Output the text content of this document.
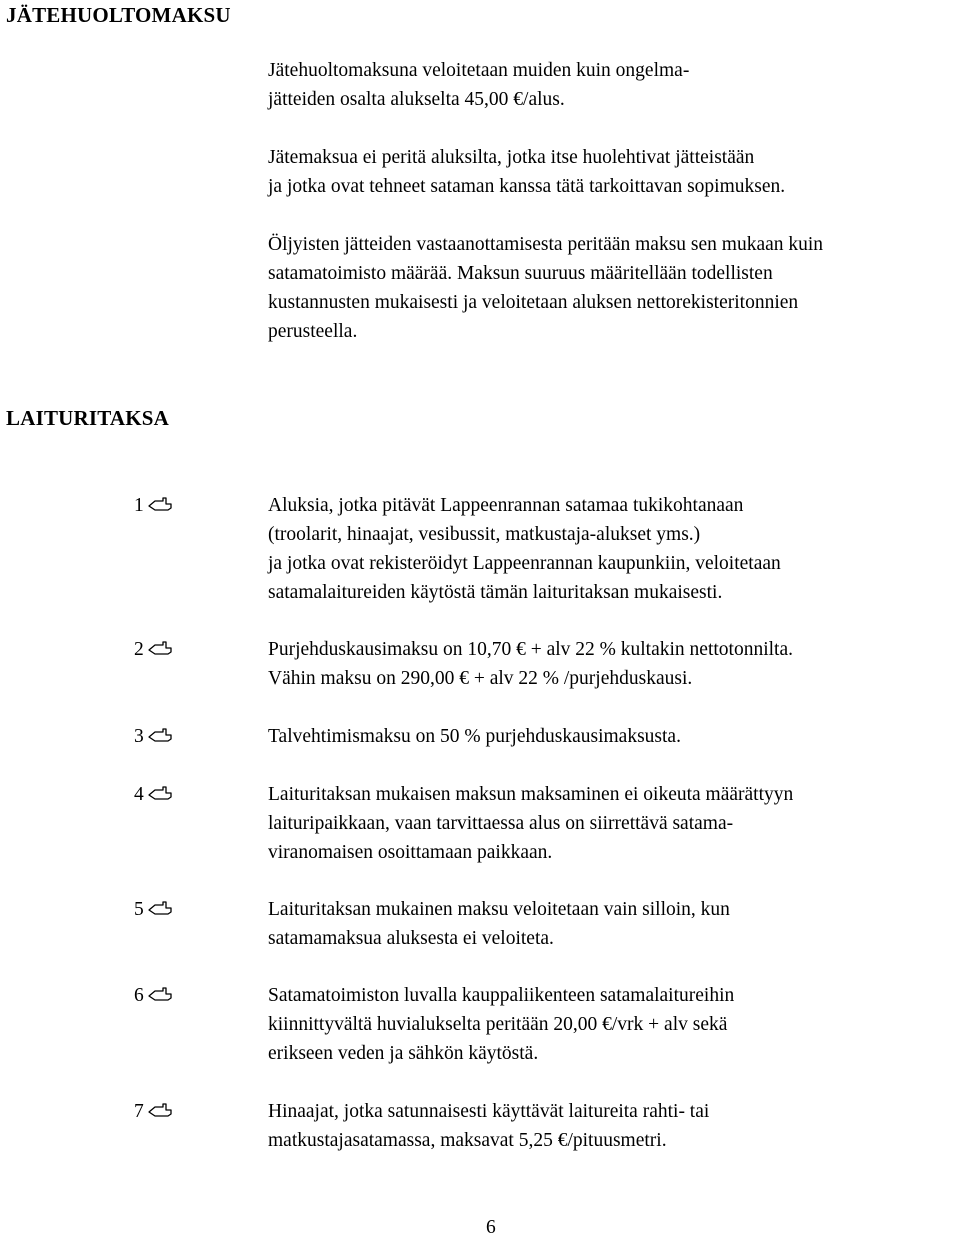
JÄTEHUOLTOMAKSU
Jätehuoltomaksuna veloitetaan muiden kuin ongelma-
jätteiden osalta alukselta 45,00 €/alus.
Jätemaksua ei peritä aluksilta, jotka itse huolehtivat jätteistään
ja jotka ovat tehneet sataman kanssa tätä tarkoittavan sopimuksen.
Öljyisten jätteiden vastaanottamisesta peritään maksu sen mukaan kuin
satamatoimisto määrää. Maksun suuruus määritellään todellisten
kustannusten mukaisesti ja veloitetaan aluksen nettorekisteritonnien
perusteella.
LAITURITAKSA
1	Aluksia, jotka pitävät Lappeenrannan satamaa tukikohtanaan
(troolarit, hinaajat, vesibussit, matkustaja-alukset yms.)
ja jotka ovat rekisteröidyt Lappeenrannan kaupunkiin, veloitetaan
satamalaitureiden käytöstä tämän laituritaksan mukaisesti.
2	Purjehduskausimaksu on 10,70 € + alv 22 % kultakin nettotonnilta.
Vähin maksu on 290,00 € + alv 22 % /purjehduskausi.
3	Talvehtimismaksu on 50 % purjehduskausimaksusta.
4	Laituritaksan mukaisen maksun maksaminen ei oikeuta määrättyyn
laituripaikkaan, vaan tarvittaessa alus on siirrettävä satama-
viranomaisen osoittamaan paikkaan.
5	Laituritaksan mukainen maksu veloitetaan vain silloin, kun
satamamaksua aluksesta ei veloiteta.
6	Satamatoimiston luvalla kauppaliikenteen satamalaitureihin
kiinnittyvältä huvialukselta peritään 20,00 €/vrk + alv sekä
erikseen veden ja sähkön käytöstä.
7	Hinaajat, jotka satunnaisesti käyttävät laitureita rahti- tai
matkustajasatamassa, maksavat 5,25 €/pituusmetri.
6
